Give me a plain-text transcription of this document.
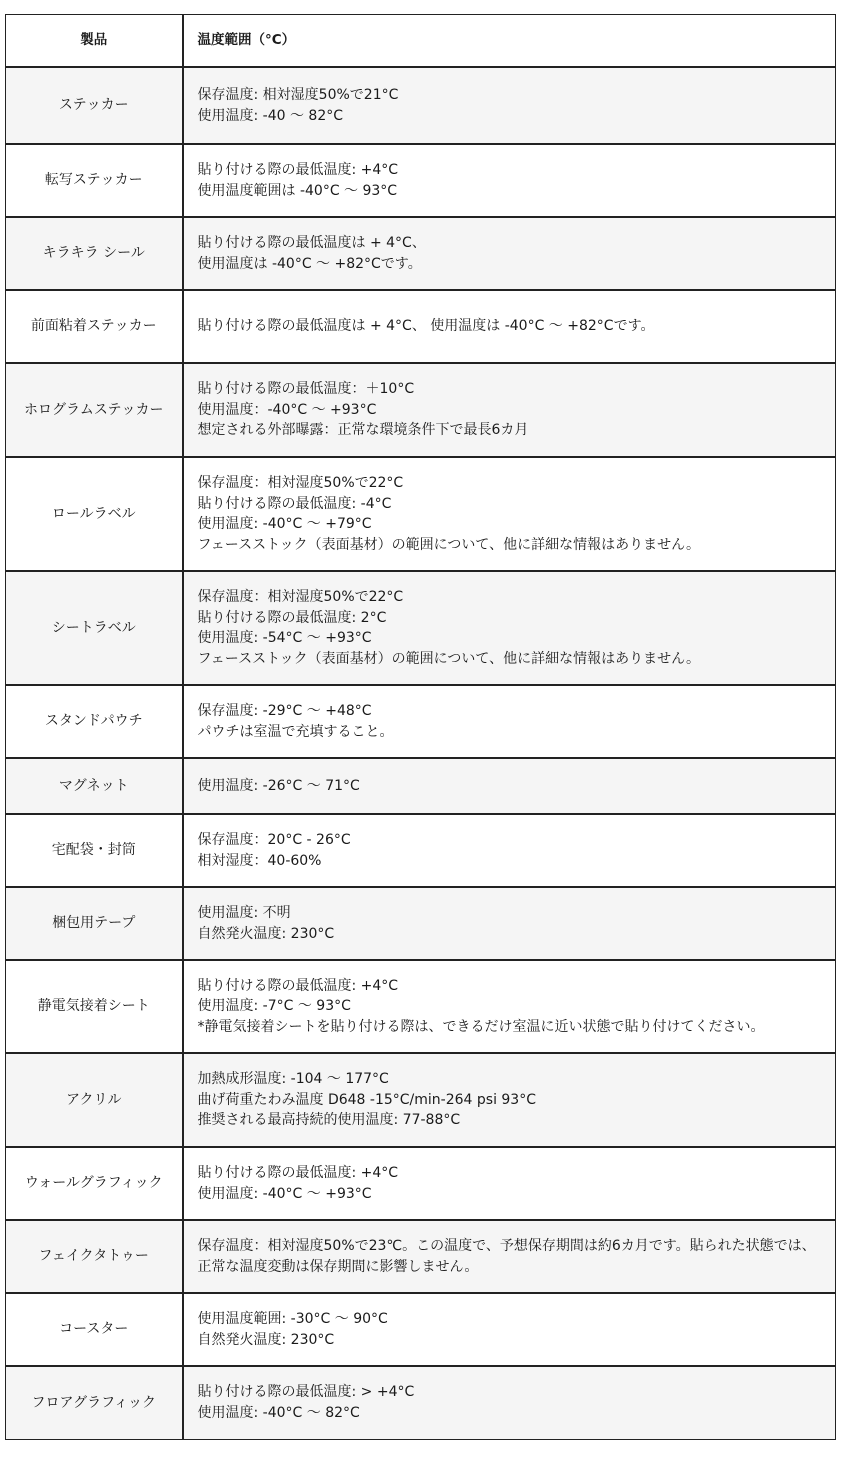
製品	温度範囲（°C）
ステッカー	保存温度: 相対湿度50%で21°C
使用温度: -40 ～ 82°C

転写ステッカー	貼り付ける際の最低温度: +4°C
使用温度範囲は -40°C ～ 93°C

キラキラ シール	貼り付ける際の最低温度は + 4°C、
使用温度は -40°C ～ +82°Cです。

前面粘着ステッカー	貼り付ける際の最低温度は + 4°C、 使用温度は -40°C ～ +82°Cです。

ホログラムステッカー	貼り付ける際の最低温度：＋10°C
使用温度：-40°C ～ +93°C
想定される外部曝露：正常な環境条件下で最長6カ月

ロールラベル	保存温度：相対湿度50%で22°C
貼り付ける際の最低温度: -4°C
使用温度: -40°C ～ +79°C
フェースストック（表面基材）の範囲について、他に詳細な情報はありません。

シートラベル	保存温度：相対湿度50%で22°C
貼り付ける際の最低温度: 2°C
使用温度: -54°C ～ +93°C
フェースストック（表面基材）の範囲について、他に詳細な情報はありません。

スタンドパウチ	保存温度: -29°C ～ +48°C
パウチは室温で充填すること。

マグネット	使用温度: -26°C ～ 71°C

宅配袋・封筒	保存温度：20°C - 26°C
相対湿度：40-60%

梱包用テープ	使用温度: 不明
自然発火温度: 230°C

静電気接着シート	貼り付ける際の最低温度: +4°C
使用温度: -7°C ～ 93°C
*静電気接着シートを貼り付ける際は、できるだけ室温に近い状態で貼り付けてください。

アクリル	加熱成形温度: -104 ～ 177°C
曲げ荷重たわみ温度 D648 -15°C/min-264 psi 93°C
推奨される最高持続的使用温度: 77-88°C

ウォールグラフィック	貼り付ける際の最低温度: +4°C
使用温度: -40°C ～ +93°C

フェイクタトゥー	保存温度：相対湿度50%で23℃。この温度で、予想保存期間は約6カ月です。貼られた状態では、正常な温度変動は保存期間に影響しません。

コースター	使用温度範囲: -30°C ～ 90°C
自然発火温度: 230°C

フロアグラフィック	貼り付ける際の最低温度: > +4°C
使用温度: -40°C ～ 82°C
